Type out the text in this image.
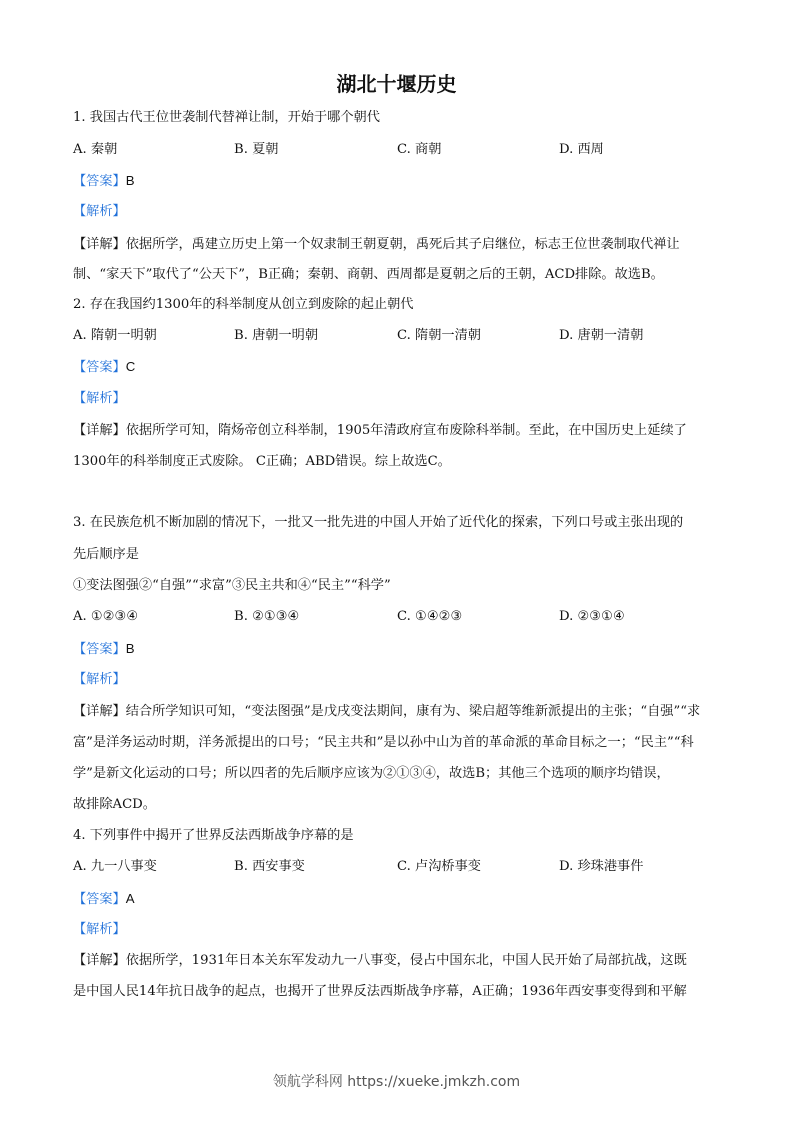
湖北十堰历史
1. 我国古代王位世袭制代替禅让制，开始于哪个朝代
A. 秦朝	B. 夏朝	C. 商朝	D. 西周
【答案】B
【解析】
【详解】依据所学，禹建立历史上第一个奴隶制王朝夏朝，禹死后其子启继位，标志王位世袭制取代禅让
制、“家天下”取代了“公天下”，B正确；秦朝、商朝、西周都是夏朝之后的王朝，ACD排除。故选B。
2. 存在我国约1300年的科举制度从创立到废除的起止朝代
A. 隋朝一明朝	B. 唐朝一明朝	C. 隋朝一清朝	D. 唐朝一清朝
【答案】C
【解析】
【详解】依据所学可知，隋炀帝创立科举制，1905年清政府宣布废除科举制。至此，在中国历史上延续了
1300年的科举制度正式废除。 C正确；ABD错误。综上故选C。
3. 在民族危机不断加剧的情况下，一批又一批先进的中国人开始了近代化的探索，下列口号或主张出现的
先后顺序是
①变法图强②“自强”“求富”③民主共和④“民主”“科学”
A. ①②③④	B. ②①③④	C. ①④②③	D. ②③①④
【答案】B
【解析】
【详解】结合所学知识可知，“变法图强”是戊戌变法期间，康有为、梁启超等维新派提出的主张；“自强”“求
富”是洋务运动时期，洋务派提出的口号；“民主共和”是以孙中山为首的革命派的革命目标之一；“民主”“科
学”是新文化运动的口号；所以四者的先后顺序应该为②①③④，故选B；其他三个选项的顺序均错误，
故排除ACD。
4. 下列事件中揭开了世界反法西斯战争序幕的是
A. 九一八事变	B. 西安事变	C. 卢沟桥事变	D. 珍珠港事件
【答案】A
【解析】
【详解】依据所学，1931年日本关东军发动九一八事变，侵占中国东北，中国人民开始了局部抗战，这既
是中国人民14年抗日战争的起点，也揭开了世界反法西斯战争序幕，A正确；1936年西安事变得到和平解
领航学科网 https://xueke.jmkzh.com
